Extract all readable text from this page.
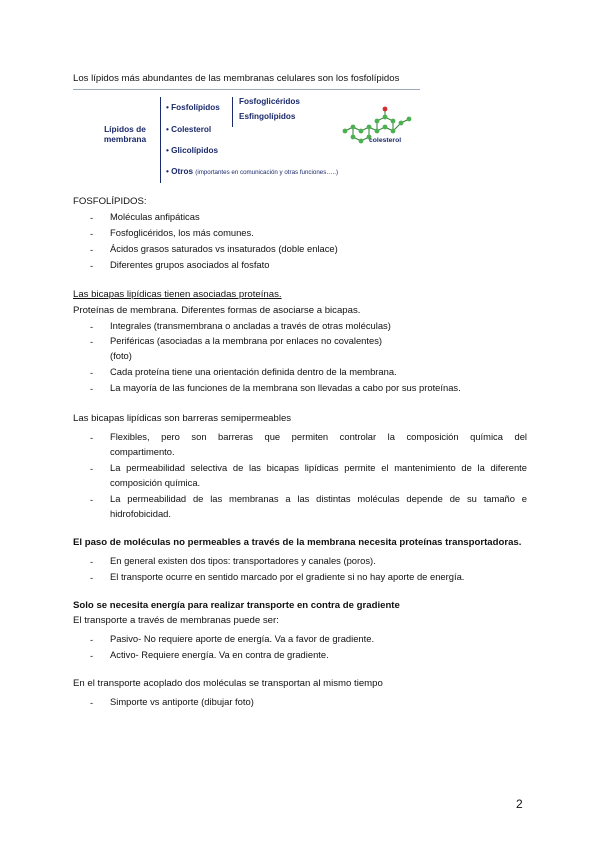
Los lípidos más abundantes de las membranas celulares son los fosfolípidos
Lípidos de membrana
• Fosfolípidos
Fosfoglicéridos
Esfingolípidos
• Colesterol
• Glicolípidos
• Otros (importantes en comunicación y otras funciones…..)
colesterol
FOSFOLÍPIDOS:
- Moléculas anfipáticas
- Fosfoglicéridos, los más comunes.
- Ácidos grasos saturados vs insaturados (doble enlace)
- Diferentes grupos asociados al fosfato
Las bicapas lipídicas tienen asociadas proteínas.
Proteínas de membrana. Diferentes formas de asociarse a bicapas.
- Integrales (transmembrana o ancladas a través de otras moléculas)
- Periféricas (asociadas a la membrana por enlaces no covalentes)
(foto)
- Cada proteína tiene una orientación definida dentro de la membrana.
- La mayoría de las funciones de la membrana son llevadas a cabo por sus proteínas.
Las bicapas lipídicas son barreras semipermeables
- Flexibles, pero son barreras que permiten controlar la composición química del
compartimento.
- La permeabilidad selectiva de las bicapas lipídicas permite el mantenimiento de la diferente
composición química.
- La permeabilidad de las membranas a las distintas moléculas depende de su tamaño e
hidrofobicidad.
El paso de moléculas no permeables a través de la membrana necesita proteínas transportadoras.
- En general existen dos tipos: transportadores y canales (poros).
- El transporte ocurre en sentido marcado por el gradiente si no hay aporte de energía.
Solo se necesita energía para realizar transporte en contra de gradiente
El transporte a través de membranas puede ser:
- Pasivo- No requiere aporte de energía. Va a favor de gradiente.
- Activo- Requiere energía. Va en contra de gradiente.
En el transporte acoplado dos moléculas se transportan al mismo tiempo
- Simporte vs antiporte (dibujar foto)
2
